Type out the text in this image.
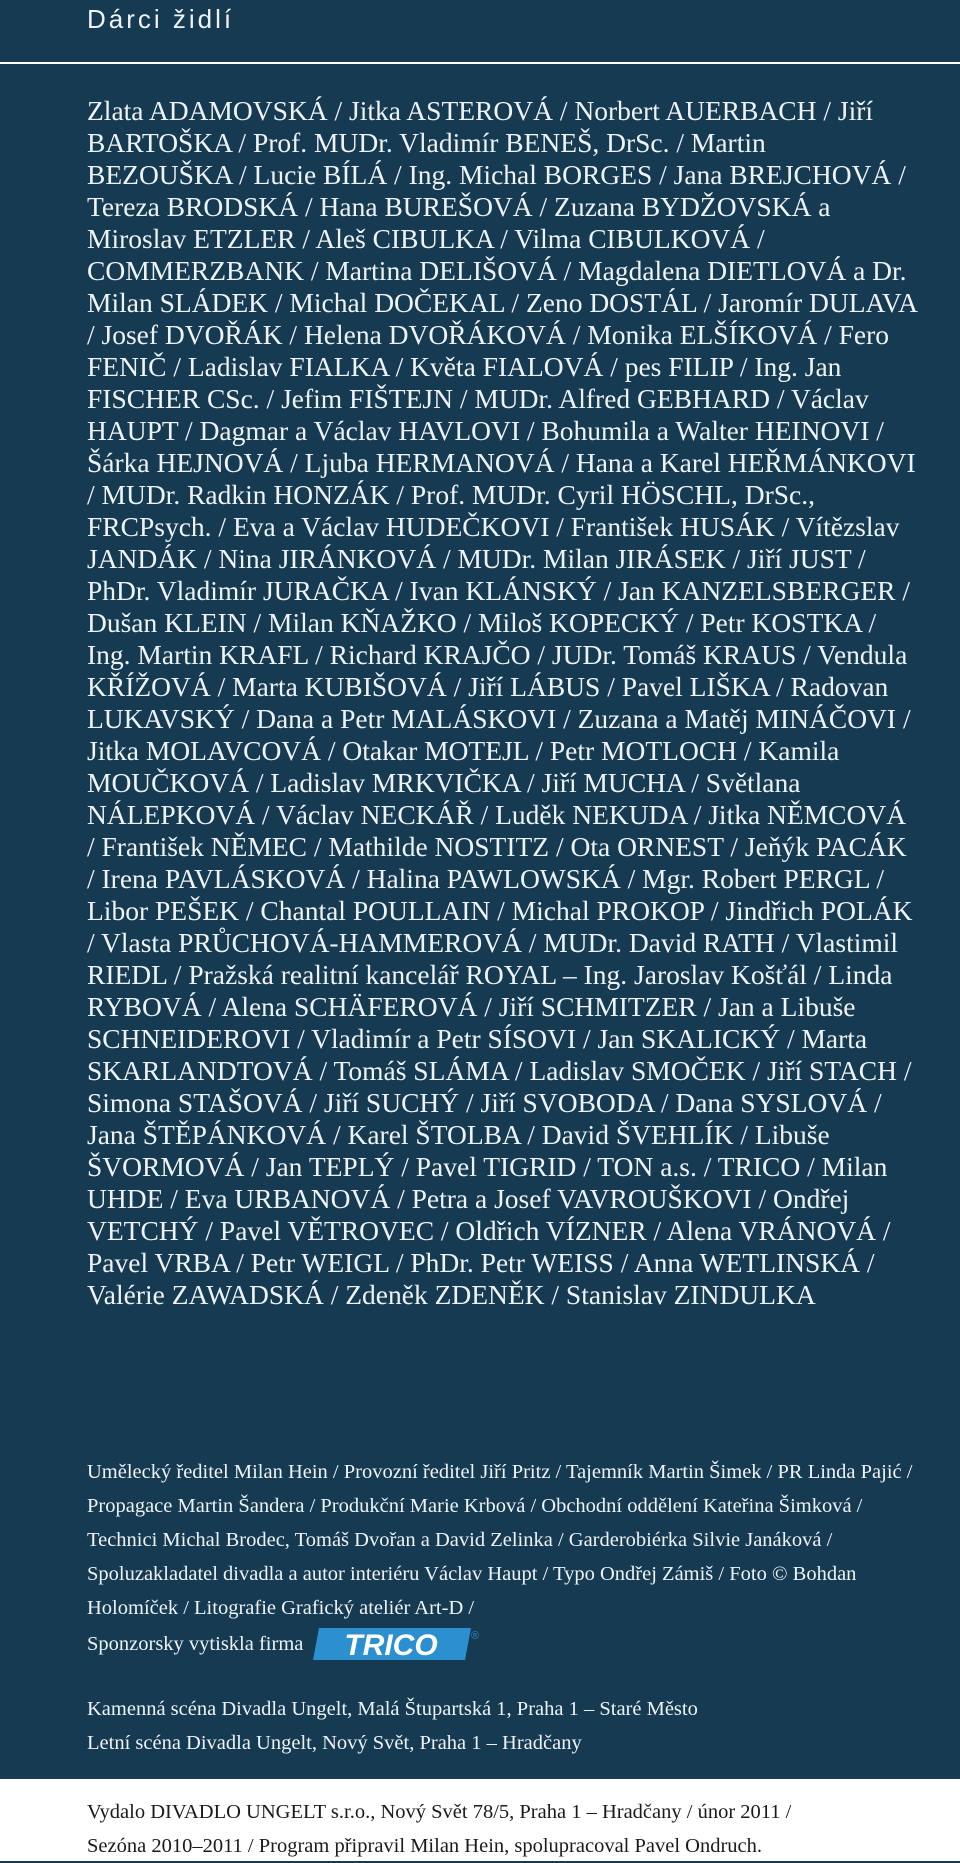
Dárci židlí

Zlata ADAMOVSKÁ / Jitka ASTEROVÁ / Norbert AUERBACH / Jiří BARTOŠKA / Prof. MUDr. Vladimír BENEŠ, DrSc. / Martin BEZOUŠKA / Lucie BÍLÁ / Ing. Michal BORGES / Jana BREJCHOVÁ / Tereza BRODSKÁ / Hana BUREŠOVÁ / Zuzana BYDŽOVSKÁ a Miroslav ETZLER / Aleš CIBULKA / Vilma CIBULKOVÁ / COMMERZBANK / Martina DELIŠOVÁ / Magdalena DIETLOVÁ a Dr. Milan SLÁDEK / Michal DOČEKAL / Zeno DOSTÁL / Jaromír DULAVA / Josef DVOŘÁK / Helena DVOŘÁKOVÁ / Monika ELŠÍKOVÁ / Fero FENIČ / Ladislav FIALKA / Květa FIALOVÁ / pes FILIP / Ing. Jan FISCHER CSc. / Jefim FIŠTEJN / MUDr. Alfred GEBHARD / Václav HAUPT / Dagmar a Václav HAVLOVI / Bohumila a Walter HEINOVI / Šárka HEJNOVÁ / Ljuba HERMANOVÁ / Hana a Karel HEŘMÁNKOVI / MUDr. Radkin HONZÁK / Prof. MUDr. Cyril HÖSCHL, DrSc., FRCPsych. / Eva a Václav HUDEČKOVI / František HUSÁK / Vítězslav JANDÁK / Nina JIRÁNKOVÁ / MUDr. Milan JIRÁSEK / Jiří JUST / PhDr. Vladimír JURAČKA / Ivan KLÁNSKÝ / Jan KANZELSBERGER / Dušan KLEIN / Milan KŇAŽKO / Miloš KOPECKÝ / Petr KOSTKA / Ing. Martin KRAFL / Richard KRAJČO / JUDr. Tomáš KRAUS / Vendula KŘÍŽOVÁ / Marta KUBIŠOVÁ / Jiří LÁBUS / Pavel LIŠKA / Radovan LUKAVSKÝ / Dana a Petr MALÁSKOVI / Zuzana a Matěj MINÁČOVI / Jitka MOLAVCOVÁ / Otakar MOTEJL / Petr MOTLOCH / Kamila MOUČKOVÁ / Ladislav MRKVIČKA / Jiří MUCHA / Světlana NÁLEPKOVÁ / Václav NECKÁŘ / Luděk NEKUDA / Jitka NĚMCOVÁ / František NĚMEC / Mathilde NOSTITZ / Ota ORNEST / Jeňýk PACÁK / Irena PAVLÁSKOVÁ / Halina PAWLOWSKÁ / Mgr. Robert PERGL / Libor PEŠEK / Chantal POULLAIN / Michal PROKOP / Jindřich POLÁK / Vlasta PRŮCHOVÁ-HAMMEROVÁ / MUDr. David RATH / Vlastimil RIEDL / Pražská realitní kancelář ROYAL – Ing. Jaroslav Košťál / Linda RYBOVÁ / Alena SCHÄFEROVÁ / Jiří SCHMITZER / Jan a Libuše SCHNEIDEROVI / Vladimír a Petr SÍSOVI / Jan SKALICKÝ / Marta SKARLANDTOVÁ / Tomáš SLÁMA / Ladislav SMOČEK / Jiří STACH / Simona STAŠOVÁ / Jiří SUCHÝ / Jiří SVOBODA / Dana SYSLOVÁ / Jana ŠTĚPÁNKOVÁ / Karel ŠTOLBA / David ŠVEHLÍK / Libuše ŠVORMOVÁ / Jan TEPLÝ / Pavel TIGRID / TON a.s. / TRICO / Milan UHDE / Eva URBANOVÁ / Petra a Josef VAVROUŠKOVI / Ondřej VETCHÝ / Pavel VĚTROVEC / Oldřich VÍZNER / Alena VRÁNOVÁ / Pavel VRBA / Petr WEIGL / PhDr. Petr WEISS / Anna WETLINSKÁ / Valérie ZAWADSKÁ / Zdeněk ZDENĚK / Stanislav ZINDULKA

Umělecký ředitel Milan Hein / Provozní ředitel Jiří Pritz / Tajemník Martin Šimek / PR Linda Pajić / Propagace Martin Šandera / Produkční Marie Krbová / Obchodní oddělení Kateřina Šimková / Technici Michal Brodec, Tomáš Dvořan a David Zelinka / Garderobiérka Silvie Janáková / Spoluzakladatel divadla a autor interiéru Václav Haupt / Typo Ondřej Zámiš / Foto © Bohdan Holomíček / Litografie Grafický ateliér Art-D /
Sponzorsky vytiskla firma TRICO	®
Kamenná scéna Divadla Ungelt, Malá Štupartská 1, Praha 1 – Staré Město
Letní scéna Divadla Ungelt, Nový Svět, Praha 1 – Hradčany
Vydalo DIVADLO UNGELT s.r.o., Nový Svět 78/5, Praha 1 – Hradčany / únor 2011 /
Sezóna 2010–2011 / Program připravil Milan Hein, spolupracoval Pavel Ondruch.
